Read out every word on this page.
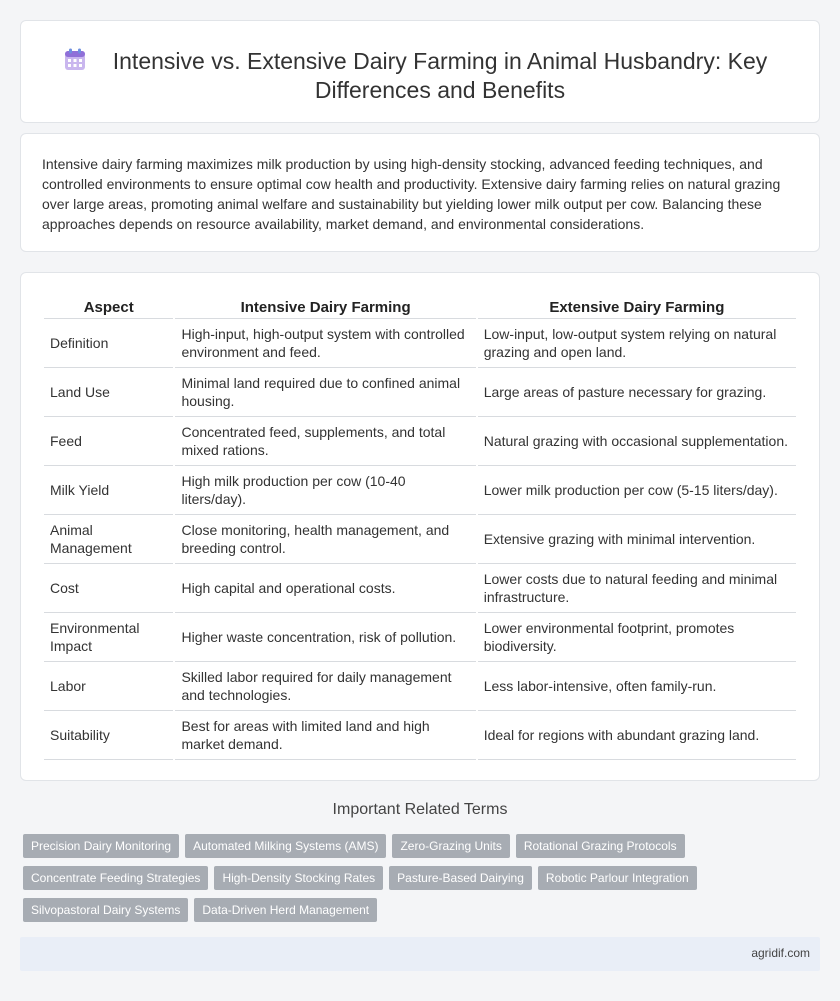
Intensive vs. Extensive Dairy Farming in Animal Husbandry: Key Differences and Benefits

Intensive dairy farming maximizes milk production by using high-density stocking, advanced feeding techniques, and controlled environments to ensure optimal cow health and productivity. Extensive dairy farming relies on natural grazing over large areas, promoting animal welfare and sustainability but yielding lower milk output per cow. Balancing these approaches depends on resource availability, market demand, and environmental considerations.

Aspect	Intensive Dairy Farming	Extensive Dairy Farming
Definition	High-input, high-output system with controlled environment and feed.	Low-input, low-output system relying on natural grazing and open land.
Land Use	Minimal land required due to confined animal housing.	Large areas of pasture necessary for grazing.
Feed	Concentrated feed, supplements, and total mixed rations.	Natural grazing with occasional supplementation.
Milk Yield	High milk production per cow (10-40 liters/day).	Lower milk production per cow (5-15 liters/day).
Animal Management	Close monitoring, health management, and breeding control.	Extensive grazing with minimal intervention.
Cost	High capital and operational costs.	Lower costs due to natural feeding and minimal infrastructure.
Environmental Impact	Higher waste concentration, risk of pollution.	Lower environmental footprint, promotes biodiversity.
Labor	Skilled labor required for daily management and technologies.	Less labor-intensive, often family-run.
Suitability	Best for areas with limited land and high market demand.	Ideal for regions with abundant grazing land.
Important Related Terms
Precision Dairy Monitoring	Automated Milking Systems (AMS)	Zero-Grazing Units	Rotational Grazing Protocols
Concentrate Feeding Strategies	High-Density Stocking Rates	Pasture-Based Dairying	Robotic Parlour Integration
Silvopastoral Dairy Systems	Data-Driven Herd Management
agridif.com
